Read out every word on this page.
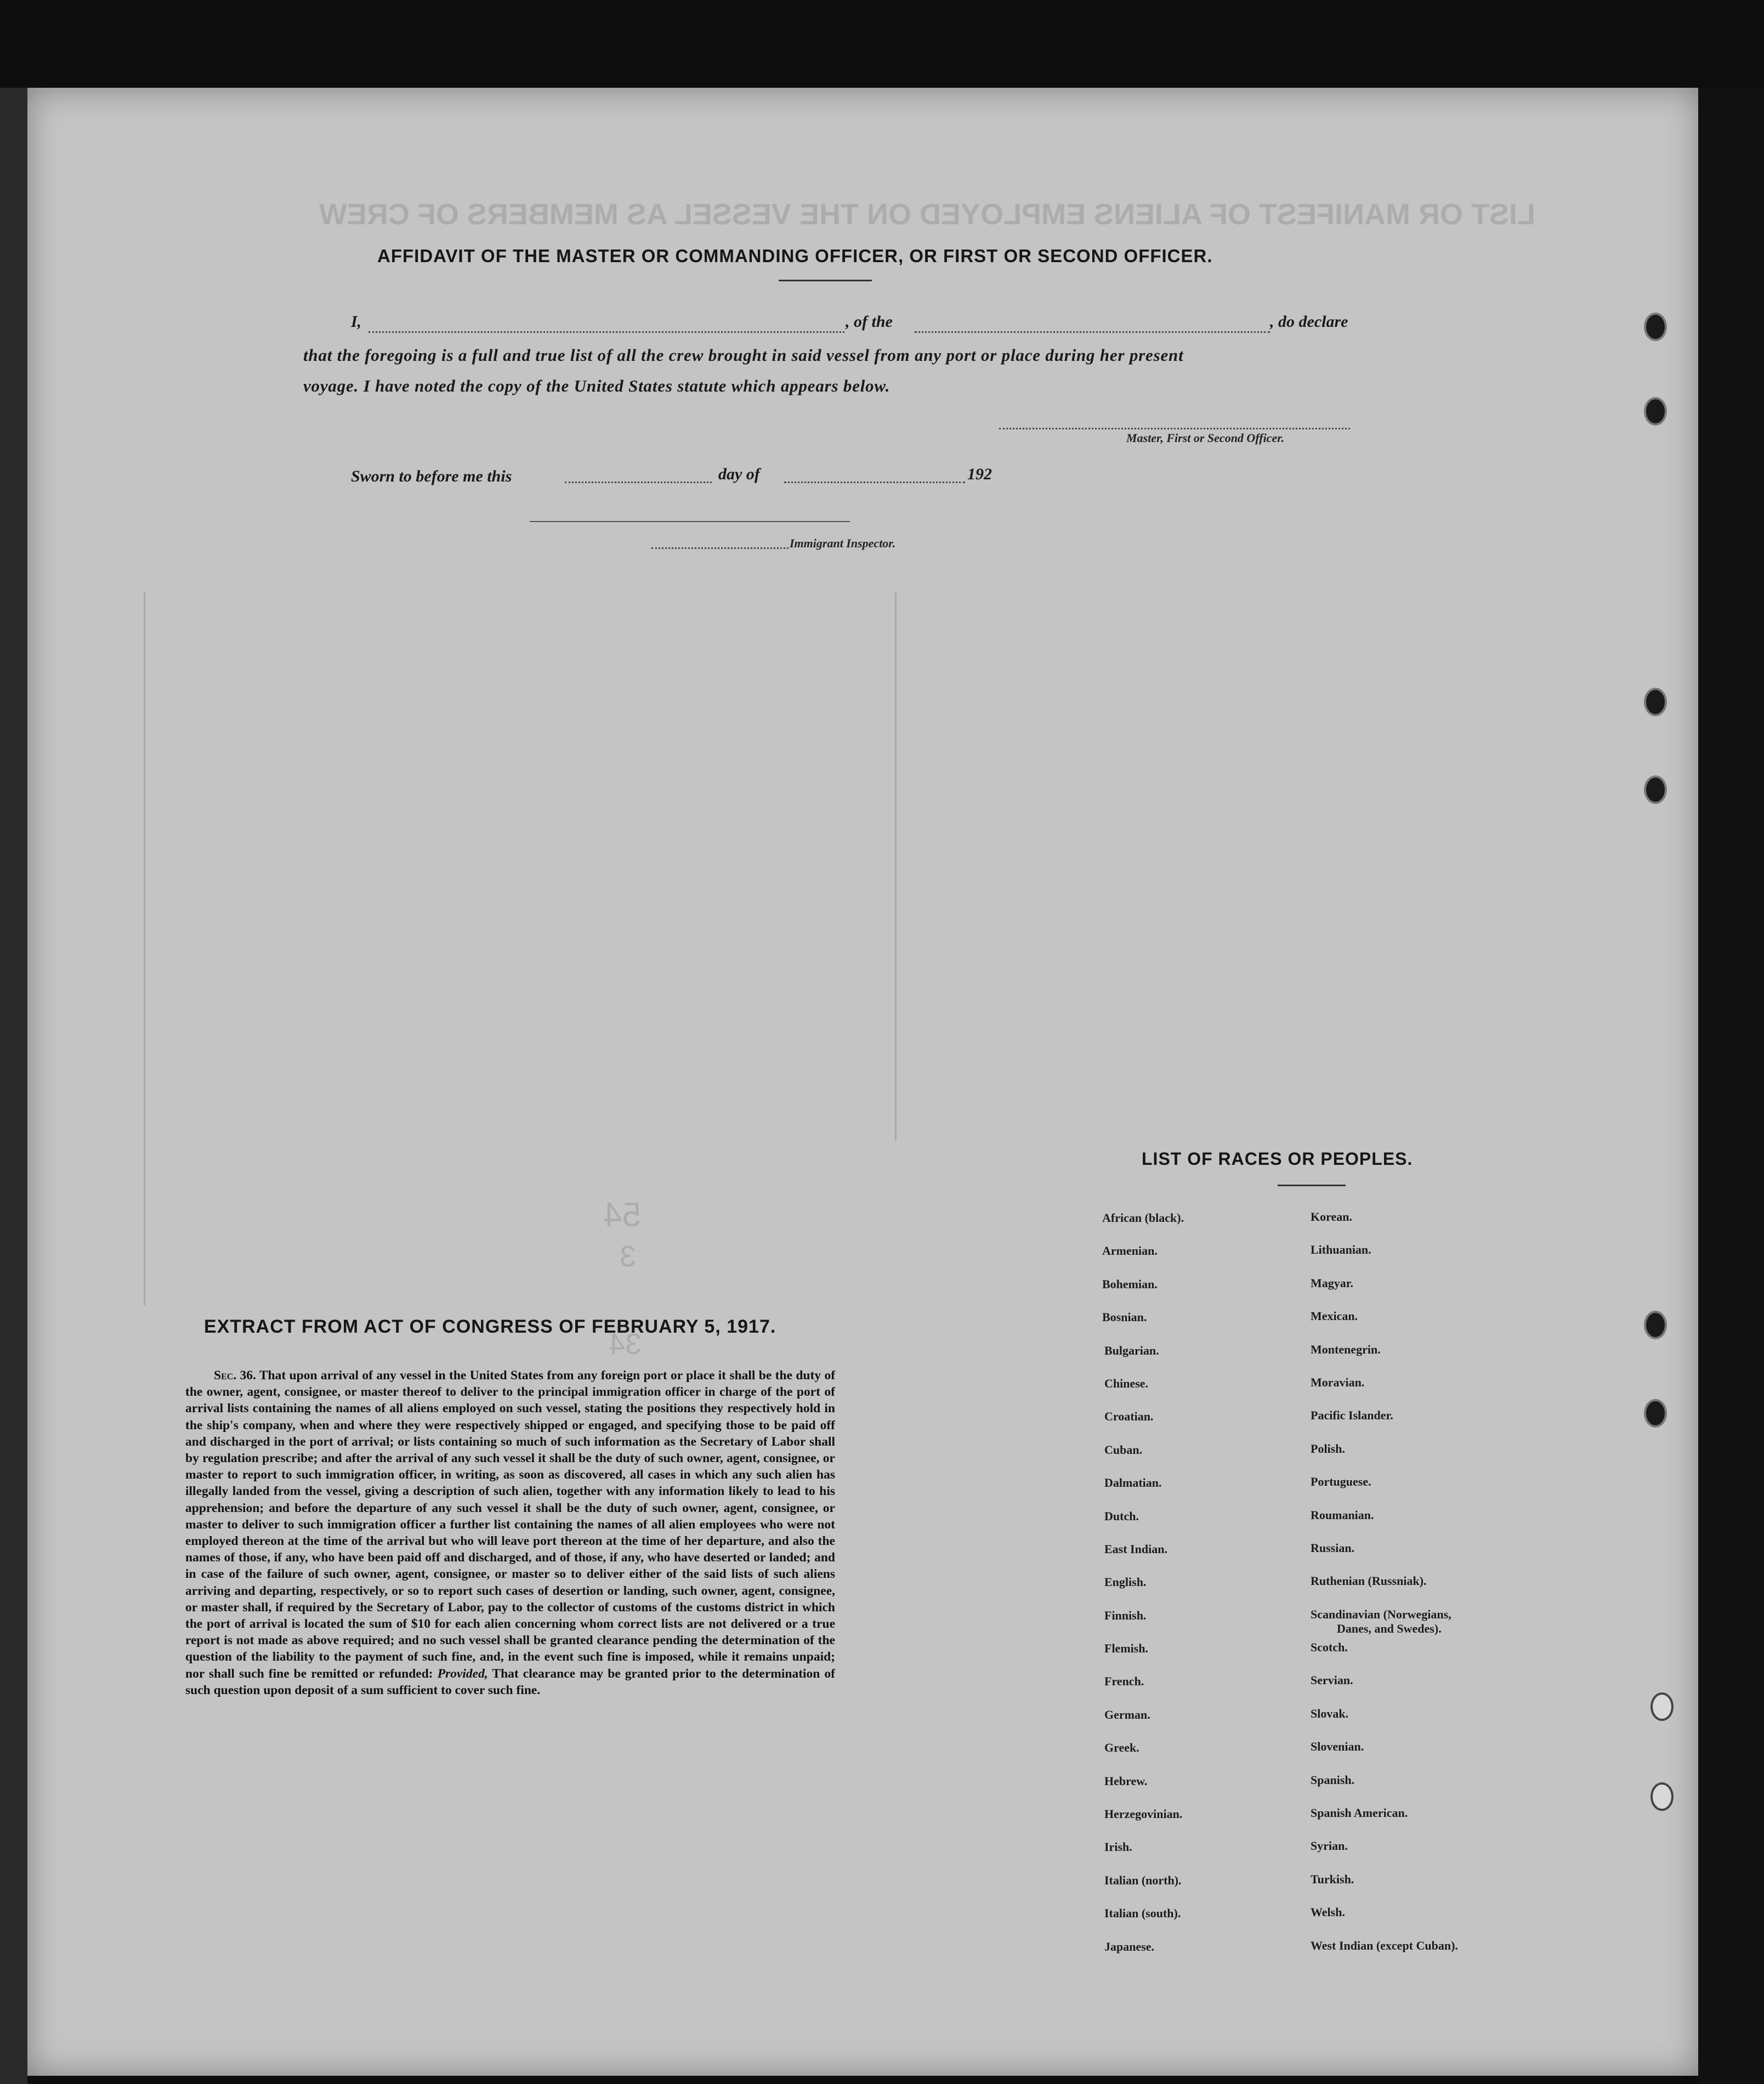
LIST OR MANIFEST OF ALIENS EMPLOYED ON THE VESSEL AS MEMBERS OF CREW
AFFIDAVIT OF THE MASTER OR COMMANDING OFFICER, OR FIRST OR SECOND OFFICER.
I,	, of the	, do declare
that the foregoing is a full and true list of all the crew brought in said vessel from any port or place during her present
voyage. I have noted the copy of the United States statute which appears below.
Master, First or Second Officer.
Sworn to before me this	day of	192
Immigrant Inspector.
54
3
34
EXTRACT FROM ACT OF CONGRESS OF FEBRUARY 5, 1917.
Sec. 36. That upon arrival of any vessel in the United States from any foreign port or place it shall be the duty of the owner, agent, consignee, or master thereof to deliver to the principal immigration officer in charge of the port of arrival lists containing the names of all aliens employed on such vessel, stating the positions they respectively hold in the ship's company, when and where they were respectively shipped or engaged, and specifying those to be paid off and discharged in the port of arrival; or lists containing so much of such information as the Secretary of Labor shall by regulation prescribe; and after the arrival of any such vessel it shall be the duty of such owner, agent, consignee, or master to report to such immigration officer, in writing, as soon as discovered, all cases in which any such alien has illegally landed from the vessel, giving a description of such alien, together with any information likely to lead to his apprehension; and before the departure of any such vessel it shall be the duty of such owner, agent, consignee, or master to deliver to such immigration officer a further list containing the names of all alien employees who were not employed thereon at the time of the arrival but who will leave port thereon at the time of her departure, and also the names of those, if any, who have been paid off and discharged, and of those, if any, who have deserted or landed; and in case of the failure of such owner, agent, consignee, or master so to deliver either of the said lists of such aliens arriving and departing, respectively, or so to report such cases of desertion or landing, such owner, agent, consignee, or master shall, if required by the Secretary of Labor, pay to the collector of customs of the customs district in which the port of arrival is located the sum of $10 for each alien concerning whom correct lists are not delivered or a true report is not made as above required; and no such vessel shall be granted clearance pending the determination of the question of the liability to the payment of such fine, and, in the event such fine is imposed, while it remains unpaid; nor shall such fine be remitted or refunded: Provided, That clearance may be granted prior to the determination of such question upon deposit of a sum sufficient to cover such fine.
LIST OF RACES OR PEOPLES.
African (black).
Armenian.
Bohemian.
Bosnian.
Bulgarian.
Chinese.
Croatian.
Cuban.
Dalmatian.
Dutch.
East Indian.
English.
Finnish.
Flemish.
French.
German.
Greek.
Hebrew.
Herzegovinian.
Irish.
Italian (north).
Italian (south).
Japanese.
Korean.
Lithuanian.
Magyar.
Mexican.
Montenegrin.
Moravian.
Pacific Islander.
Polish.
Portuguese.
Roumanian.
Russian.
Ruthenian (Russniak).
Scandinavian (Norwegians,
Danes, and Swedes).
Scotch.
Servian.
Slovak.
Slovenian.
Spanish.
Spanish American.
Syrian.
Turkish.
Welsh.
West Indian (except Cuban).
